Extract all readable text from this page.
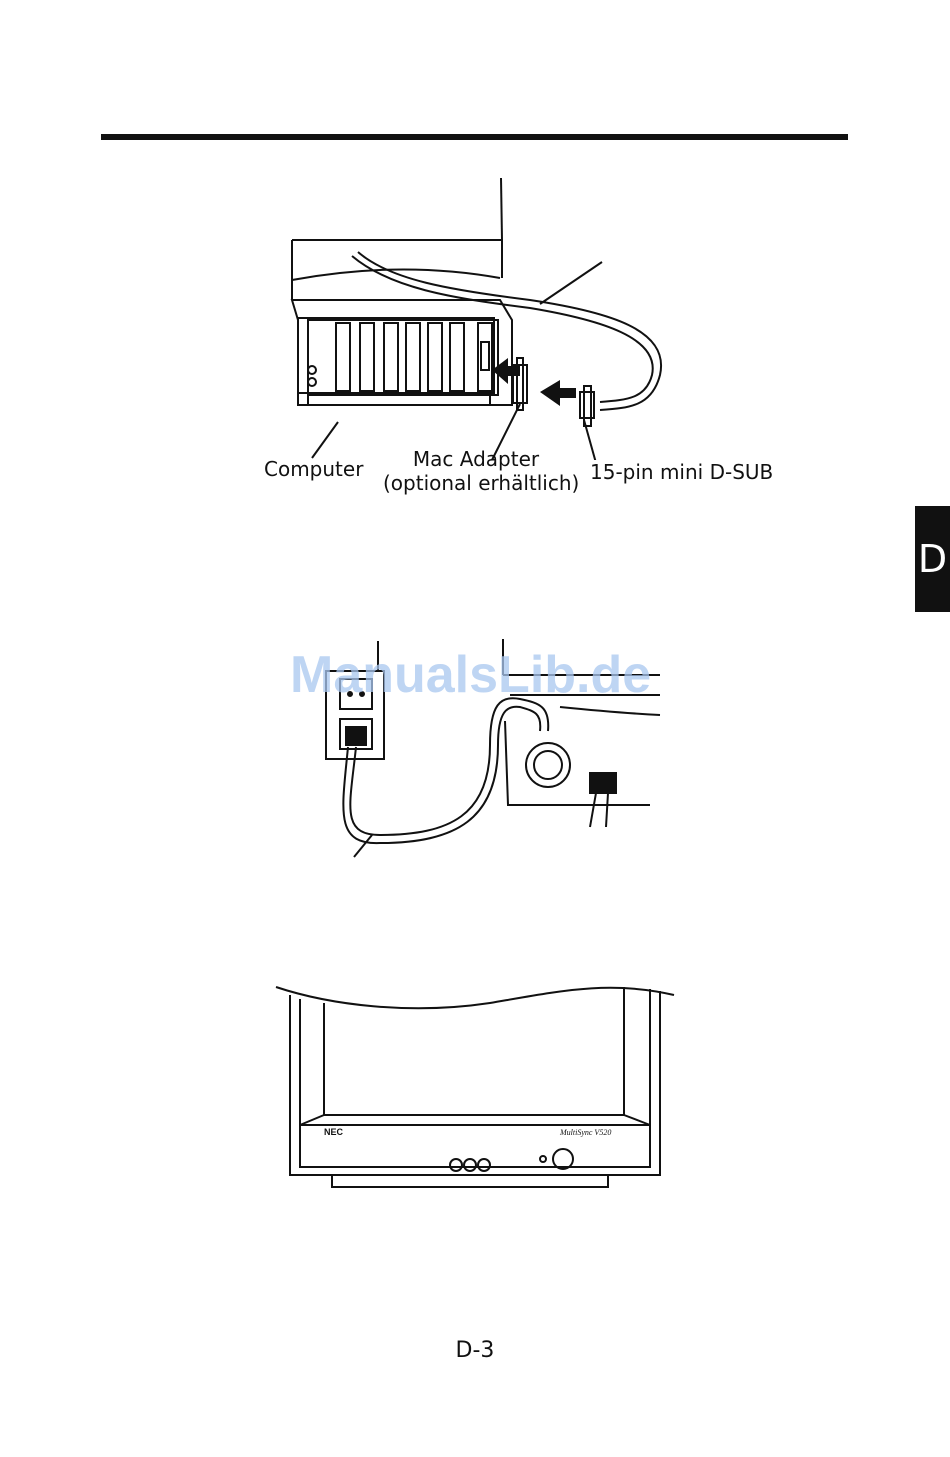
D
Computer	Mac Adapter
(optional erhältlich) 15-pin mini D-SUB
ManualsLib.de
NEC	MultiSync V520
D-3
